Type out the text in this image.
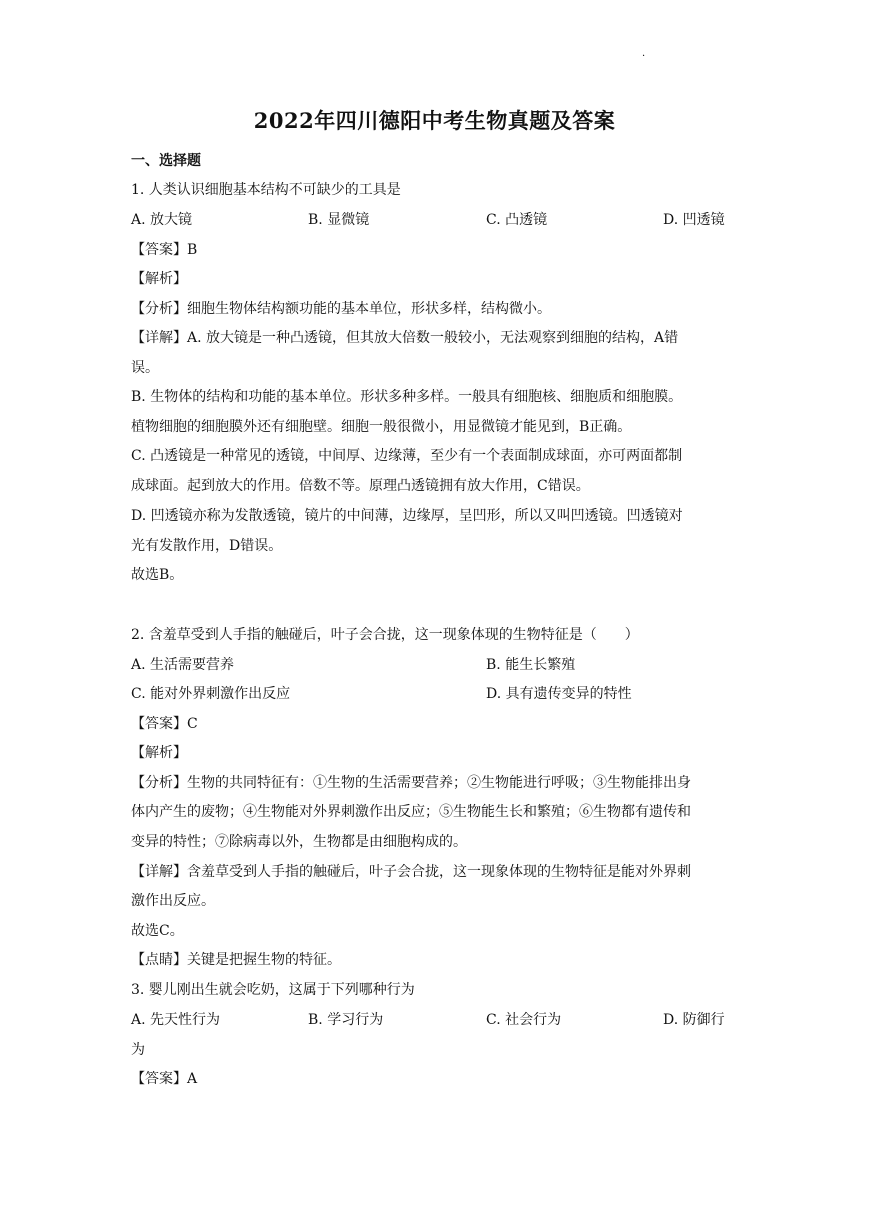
·
2022年四川德阳中考生物真题及答案
一、选择题
1. 人类认识细胞基本结构不可缺少的工具是
A. 放大镜	B. 显微镜	C. 凸透镜	D. 凹透镜
【答案】B
【解析】
【分析】细胞生物体结构额功能的基本单位，形状多样，结构微小。
【详解】A. 放大镜是一种凸透镜，但其放大倍数一般较小，无法观察到细胞的结构，A错
误。
B. 生物体的结构和功能的基本单位。形状多种多样。一般具有细胞核、细胞质和细胞膜。
植物细胞的细胞膜外还有细胞壁。细胞一般很微小，用显微镜才能见到，B正确。
C. 凸透镜是一种常见的透镜，中间厚、边缘薄，至少有一个表面制成球面，亦可两面都制
成球面。起到放大的作用。倍数不等。原理凸透镜拥有放大作用，C错误。
D. 凹透镜亦称为发散透镜，镜片的中间薄，边缘厚，呈凹形，所以又叫凹透镜。凹透镜对
光有发散作用，D错误。
故选B。
2. 含羞草受到人手指的触碰后，叶子会合拢，这一现象体现的生物特征是（　　）
A. 生活需要营养	B. 能生长繁殖
C. 能对外界刺激作出反应	D. 具有遗传变异的特性
【答案】C
【解析】
【分析】生物的共同特征有：①生物的生活需要营养；②生物能进行呼吸；③生物能排出身
体内产生的废物；④生物能对外界刺激作出反应；⑤生物能生长和繁殖；⑥生物都有遗传和
变异的特性；⑦除病毒以外，生物都是由细胞构成的。
【详解】含羞草受到人手指的触碰后，叶子会合拢，这一现象体现的生物特征是能对外界刺
激作出反应。
故选C。
【点睛】关键是把握生物的特征。
3. 婴儿刚出生就会吃奶，这属于下列哪种行为
A. 先天性行为	B. 学习行为	C. 社会行为	D. 防御行
为
【答案】A
